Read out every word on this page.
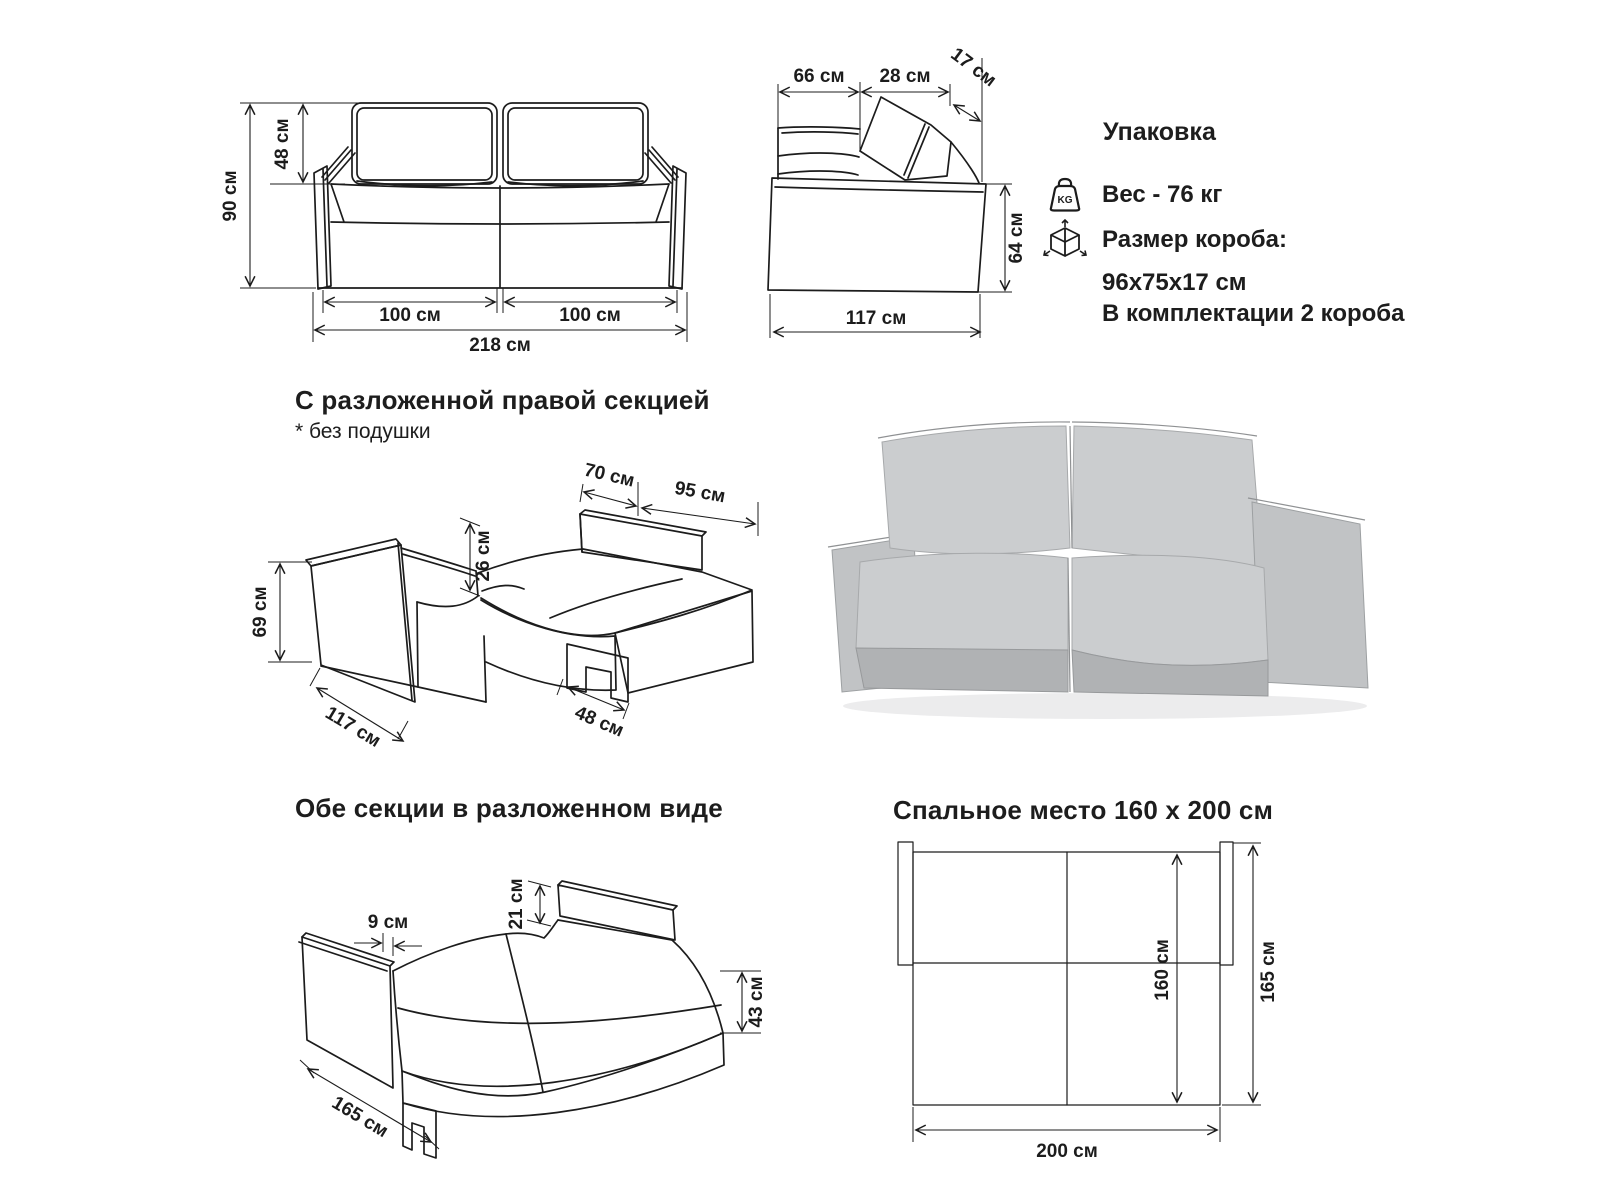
90 см
48 см
100 см	100 см
218 см
66 см 28 см 17 см
64 см
117 см
Упаковка
KG Вес - 76 кг
Размер короба:
96х75х17 см
В комплектации 2 короба
С разложенной правой секцией
* без подушки
69 см
26 см
70 см
95 см
117 см	48 см
Обе секции в разложенном виде
9 см	21 см
43 см
165 см
Спальное место 160 x 200 см
160 см	165 см
200 см
